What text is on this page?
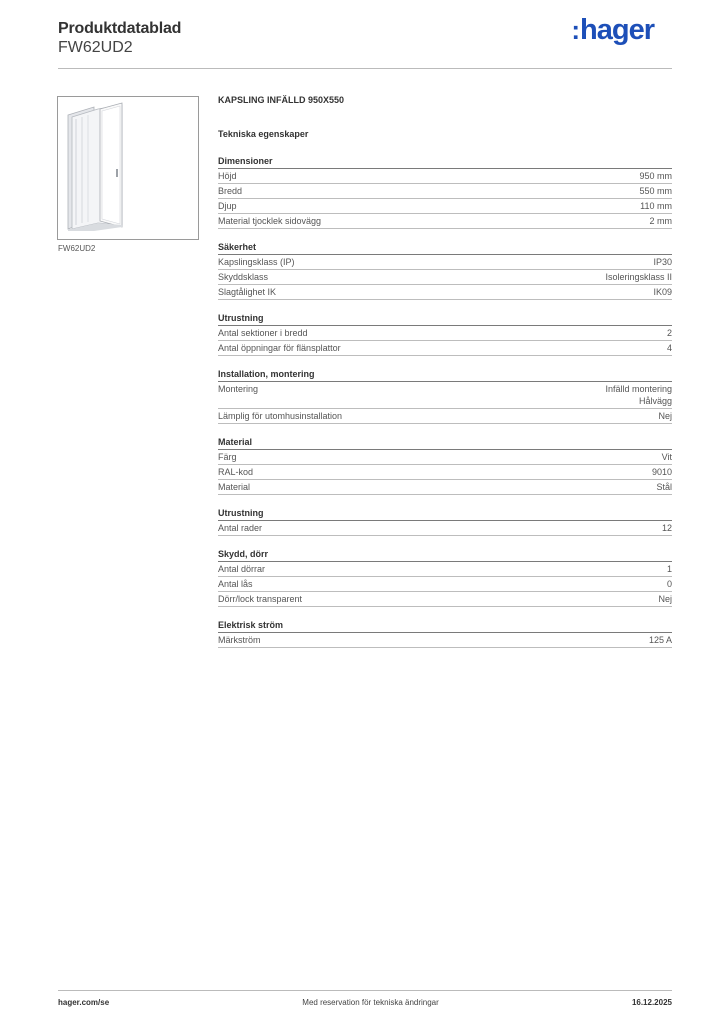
Produktdatablad
FW62UD2
:hager
FW62UD2
KAPSLING INFÄLLD 950X550
Tekniska egenskaper
Dimensioner
Höjd	950 mm
Bredd	550 mm
Djup	110 mm
Material tjocklek sidovägg	2 mm
Säkerhet
Kapslingsklass (IP)	IP30
Skyddsklass	Isoleringsklass II
Slagtålighet IK	IK09
Utrustning
Antal sektioner i bredd	2
Antal öppningar för flänsplattor	4
Installation, montering
Montering	Infälld montering
Hålvägg
Lämplig för utomhusinstallation	Nej
Material
Färg	Vit
RAL-kod	9010
Material	Stål
Utrustning
Antal rader	12
Skydd, dörr
Antal dörrar	1
Antal lås	0
Dörr/lock transparent	Nej
Elektrisk ström
Märkström	125 A
hager.com/se	Med reservation för tekniska ändringar	16.12.2025
